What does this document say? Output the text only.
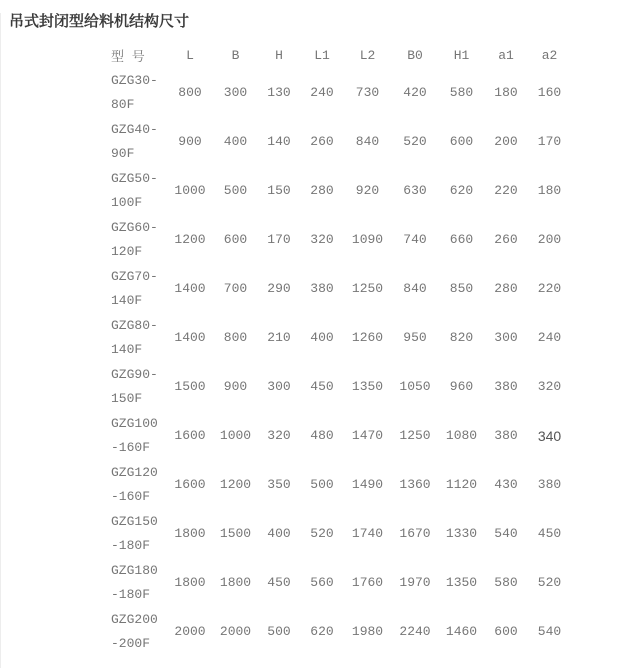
吊式封闭型给料机结构尺寸
型 号	L	B	H	L1	L2	B0	H1	a1	a2

GZG30-
80F	800	300	130	240	730	420	580	180	160

GZG40-
90F	900	400	140	260	840	520	600	200	170

GZG50-
100F	1000	500	150	280	920	630	620	220	180

GZG60-
120F	1200	600	170	320	1090	740	660	260	200

GZG70-
140F	1400	700	290	380	1250	840	850	280	220

GZG80-
140F	1400	800	210	400	1260	950	820	300	240

GZG90-
150F	1500	900	300	450	1350	1050	960	380	320

GZG100
-160F	1600	1000	320	480	1470	1250	1080	380	340

GZG120
-160F	1600	1200	350	500	1490	1360	1120	430	380

GZG150
-180F	1800	1500	400	520	1740	1670	1330	540	450

GZG180
-180F	1800	1800	450	560	1760	1970	1350	580	520

GZG200
-200F	2000	2000	500	620	1980	2240	1460	600	540
